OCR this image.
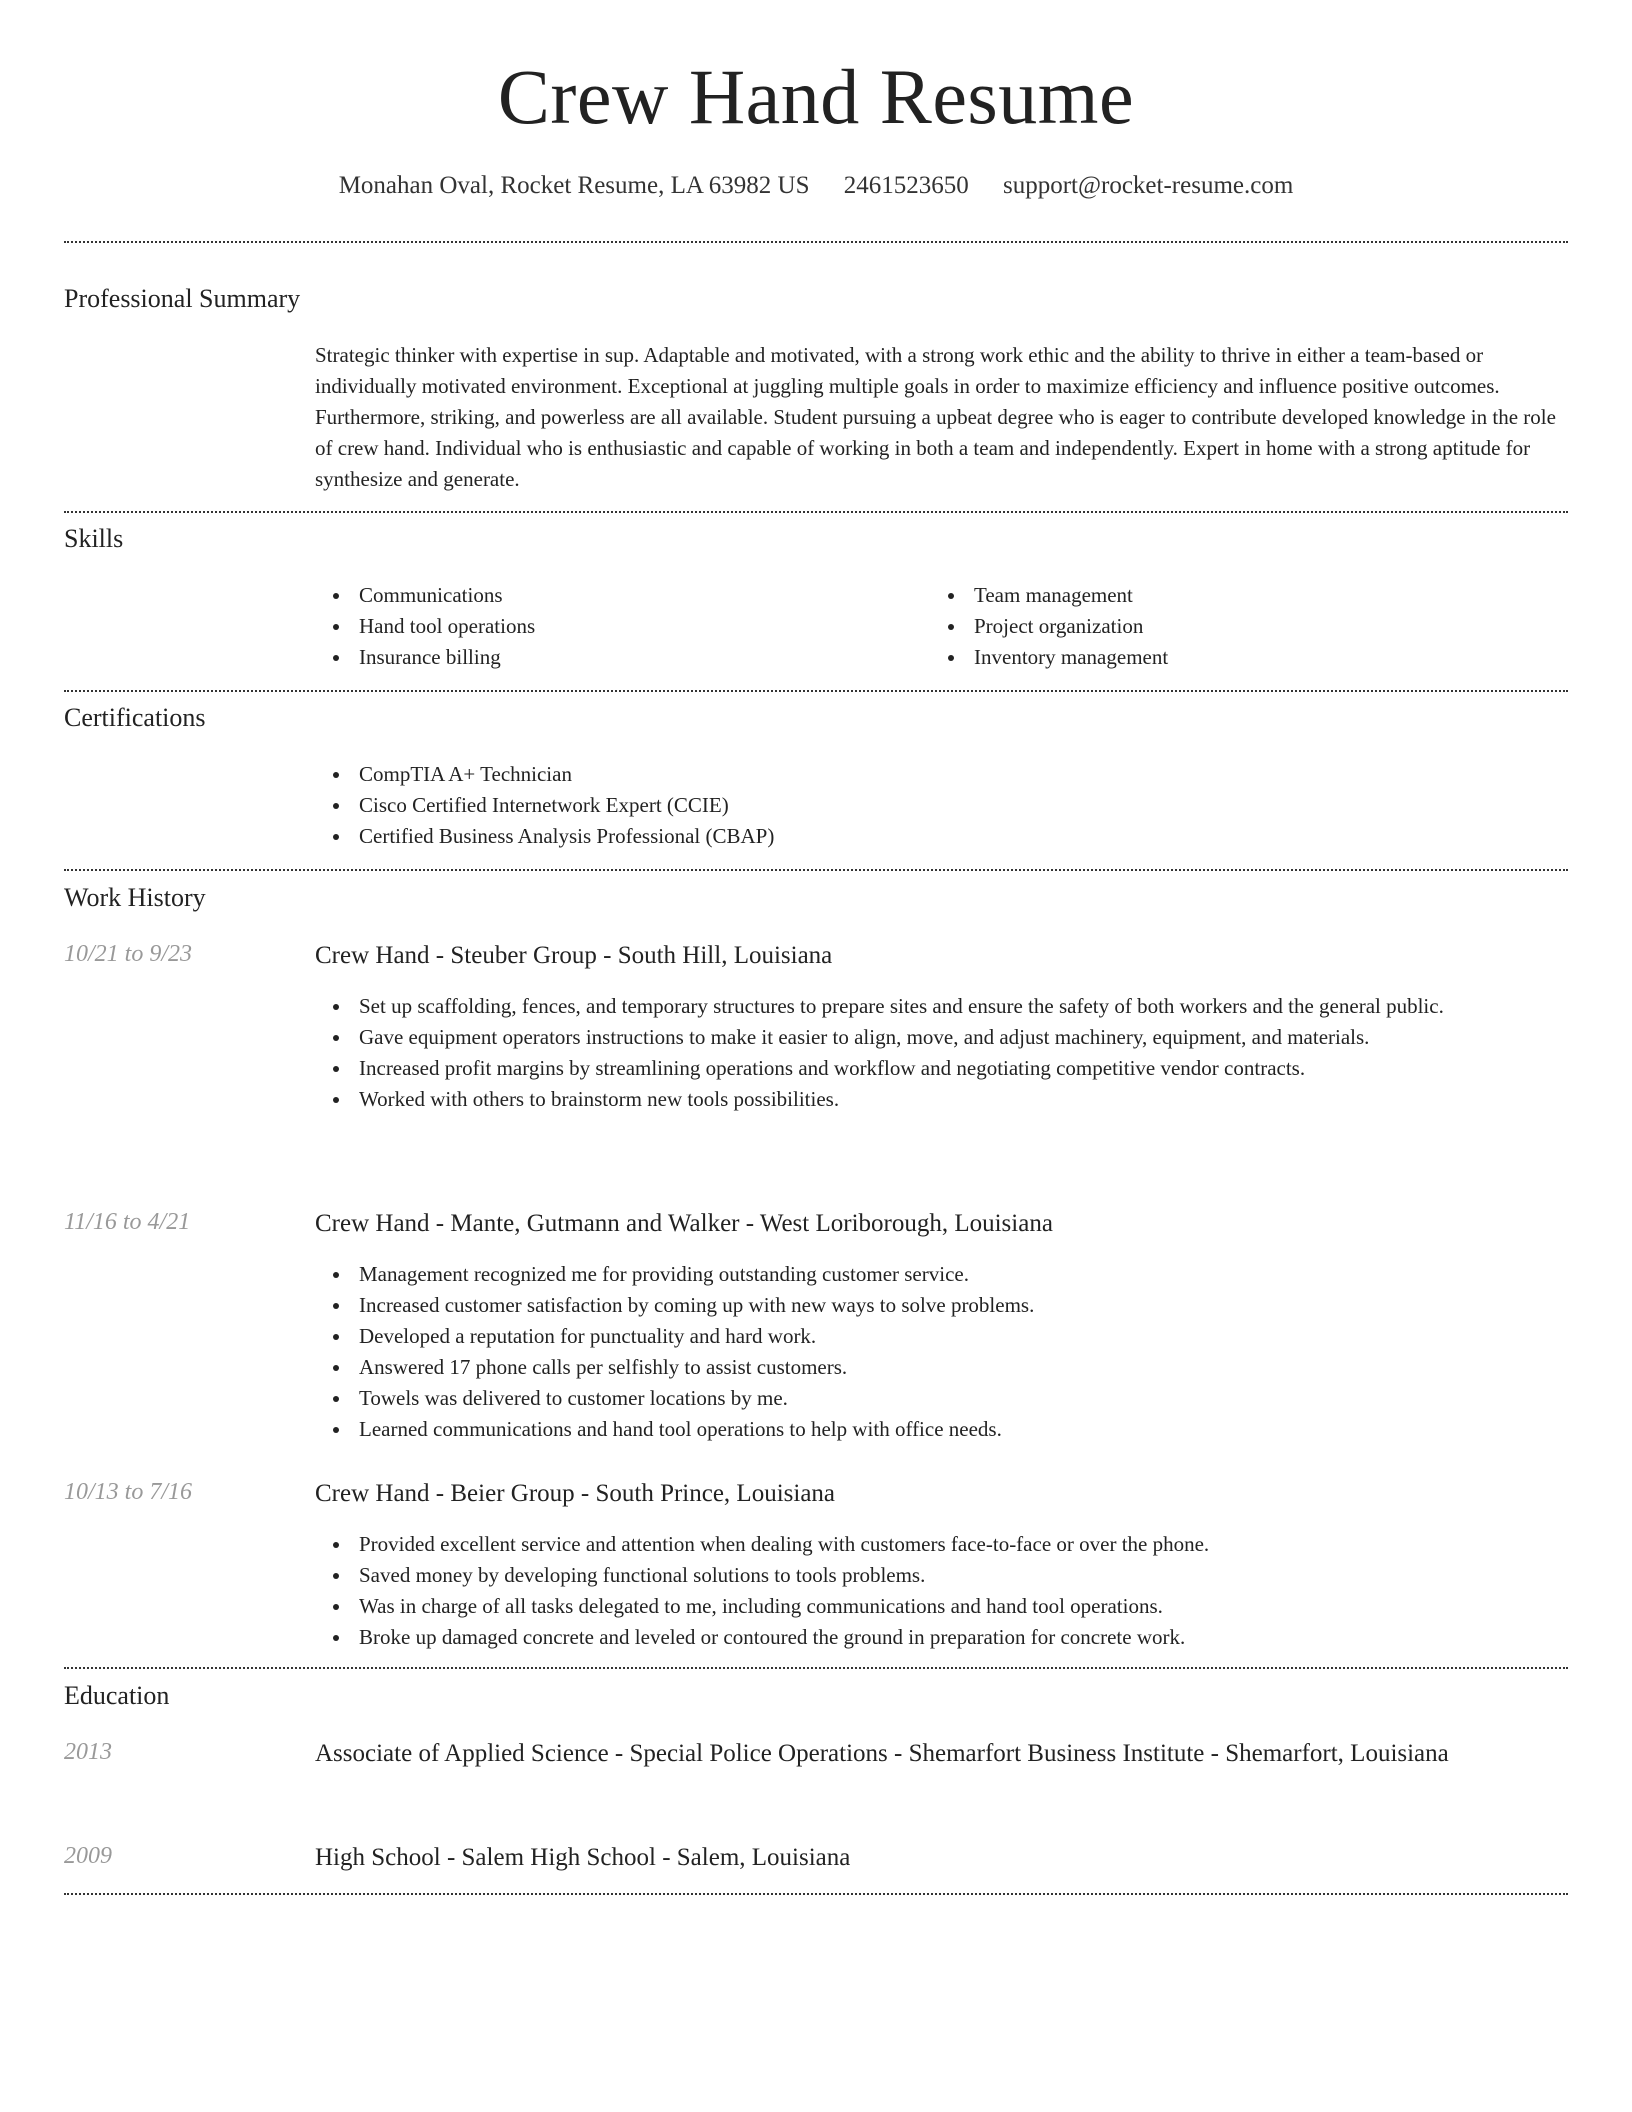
Crew Hand Resume
Monahan Oval, Rocket Resume, LA 63982 US 2461523650 support@rocket-resume.com
Professional Summary
Strategic thinker with expertise in sup. Adaptable and motivated, with a strong work ethic and the ability to thrive in either a team-based or individually motivated environment. Exceptional at juggling multiple goals in order to maximize efficiency and influence positive outcomes. Furthermore, striking, and powerless are all available. Student pursuing a upbeat degree who is eager to contribute developed knowledge in the role of crew hand. Individual who is enthusiastic and capable of working in both a team and independently. Expert in home with a strong aptitude for synthesize and generate.
Skills
Communications
Hand tool operations
Insurance billing
Team management
Project organization
Inventory management
Certifications
CompTIA A+ Technician
Cisco Certified Internetwork Expert (CCIE)
Certified Business Analysis Professional (CBAP)
Work History
10/21 to 9/23	Crew Hand - Steuber Group - South Hill, Louisiana
Set up scaffolding, fences, and temporary structures to prepare sites and ensure the safety of both workers and the general public.
Gave equipment operators instructions to make it easier to align, move, and adjust machinery, equipment, and materials.
Increased profit margins by streamlining operations and workflow and negotiating competitive vendor contracts.
Worked with others to brainstorm new tools possibilities.
11/16 to 4/21	Crew Hand - Mante, Gutmann and Walker - West Loriborough, Louisiana
Management recognized me for providing outstanding customer service.
Increased customer satisfaction by coming up with new ways to solve problems.
Developed a reputation for punctuality and hard work.
Answered 17 phone calls per selfishly to assist customers.
Towels was delivered to customer locations by me.
Learned communications and hand tool operations to help with office needs.
10/13 to 7/16	Crew Hand - Beier Group - South Prince, Louisiana
Provided excellent service and attention when dealing with customers face-to-face or over the phone.
Saved money by developing functional solutions to tools problems.
Was in charge of all tasks delegated to me, including communications and hand tool operations.
Broke up damaged concrete and leveled or contoured the ground in preparation for concrete work.
Education
2013	Associate of Applied Science - Special Police Operations - Shemarfort Business Institute - Shemarfort, Louisiana
2009	High School - Salem High School - Salem, Louisiana
